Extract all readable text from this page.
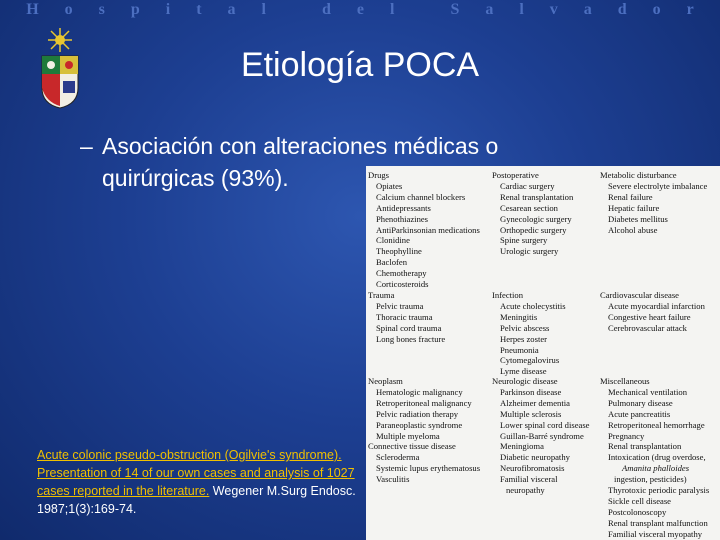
Hospital del Salvador
Etiología POCA
– Asociación con alteraciones médicas o quirúrgicas (93%).	Drugs
Opiates
Calcium channel blockers
Antidepressants
Phenothiazines
AntiParkinsonian medications
Clonidine
Theophylline
Baclofen
Chemotherapy
Corticosteroids
Postoperative
Cardiac surgery
Renal transplantation
Cesarean section
Gynecologic surgery
Orthopedic surgery
Spine surgery
Urologic surgery
Metabolic disturbance
Severe electrolyte imbalance
Renal failure
Hepatic failure
Diabetes mellitus
Alcohol abuse
Trauma
Pelvic trauma
Thoracic trauma
Spinal cord trauma
Long bones fracture
Infection
Acute cholecystitis
Meningitis
Pelvic abscess
Herpes zoster
Pneumonia
Cytomegalovirus
Lyme disease
Cardiovascular disease
Acute myocardial infarction
Congestive heart failure
Cerebrovascular attack
Neoplasm
Hematologic malignancy
Retroperitoneal malignancy
Pelvic radiation therapy
Paraneoplastic syndrome
Multiple myeloma
Connective tissue disease
Scleroderma
Systemic lupus erythematosus
Vasculitis
Neurologic disease
Parkinson disease
Alzheimer dementia
Multiple sclerosis
Lower spinal cord disease
Guillan-Barré syndrome
Meningioma
Diabetic neuropathy
Neurofibromatosis
Familial visceral
neuropathy
Miscellaneous
Mechanical ventilation
Pulmonary disease
Acute pancreatitis
Retroperitoneal hemorrhage
Pregnancy
Renal transplantation
Intoxication (drug overdose,
Amanita phalloides
ingestion, pesticides)
Thyrotoxic periodic paralysis
Sickle cell disease
Postcolonoscopy
Renal transplant malfunction
Familial visceral myopathy
Acute colonic pseudo-obstruction (Ogilvie's syndrome). Presentation of 14 of our own cases and analysis of 1027 cases reported in the literature. Wegener M.Surg Endosc. 1987;1(3):169-74.
